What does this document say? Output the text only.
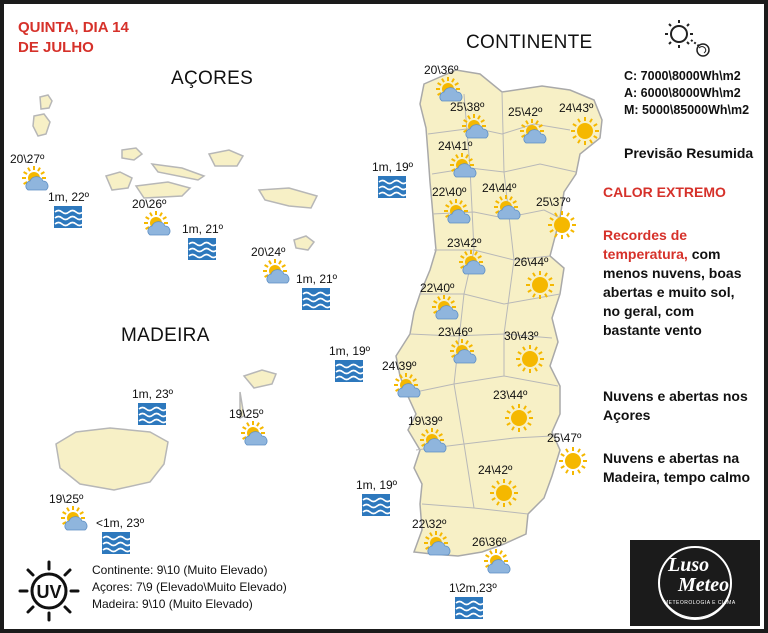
QUINTA, DIA 14
DE JULHO
AÇORES
MADEIRA
CONTINENTE
C: 7000\8000Wh\m2
A: 6000\8000Wh\m2
M: 5000\85000Wh\m2
Previsão Resumida
CALOR EXTREMO
Recordes de temperatura, com menos nuvens, boas abertas e muito sol, no geral, com bastante vento
Nuvens e abertas nos Açores
Nuvens e abertas na Madeira, tempo calmo
UV
Continente: 9\10 (Muito Elevado)
Açores: 7\9 (Elevado\Muito Elevado)
Madeira: 9\10 (Muito Elevado)
20\27º
20\26º
20\24º
19\25º
19\25º
20\36º
25\38º	25\42º	24\43º
24\41º
22\40º	24\44º
25\37º
23\42º
26\44º
22\40º
23\46º	30\43º
24\39º
23\44º
19\39º
25\47º
24\42º
22\32º
26\36º
1m, 22º
1m, 21º
1m, 21º
1m, 19º
1m, 19º
1m, 23º
<1m, 23º
1m, 19º
1\2m,23º
Luso
Meteo
METEOROLOGIA E CLIMA
